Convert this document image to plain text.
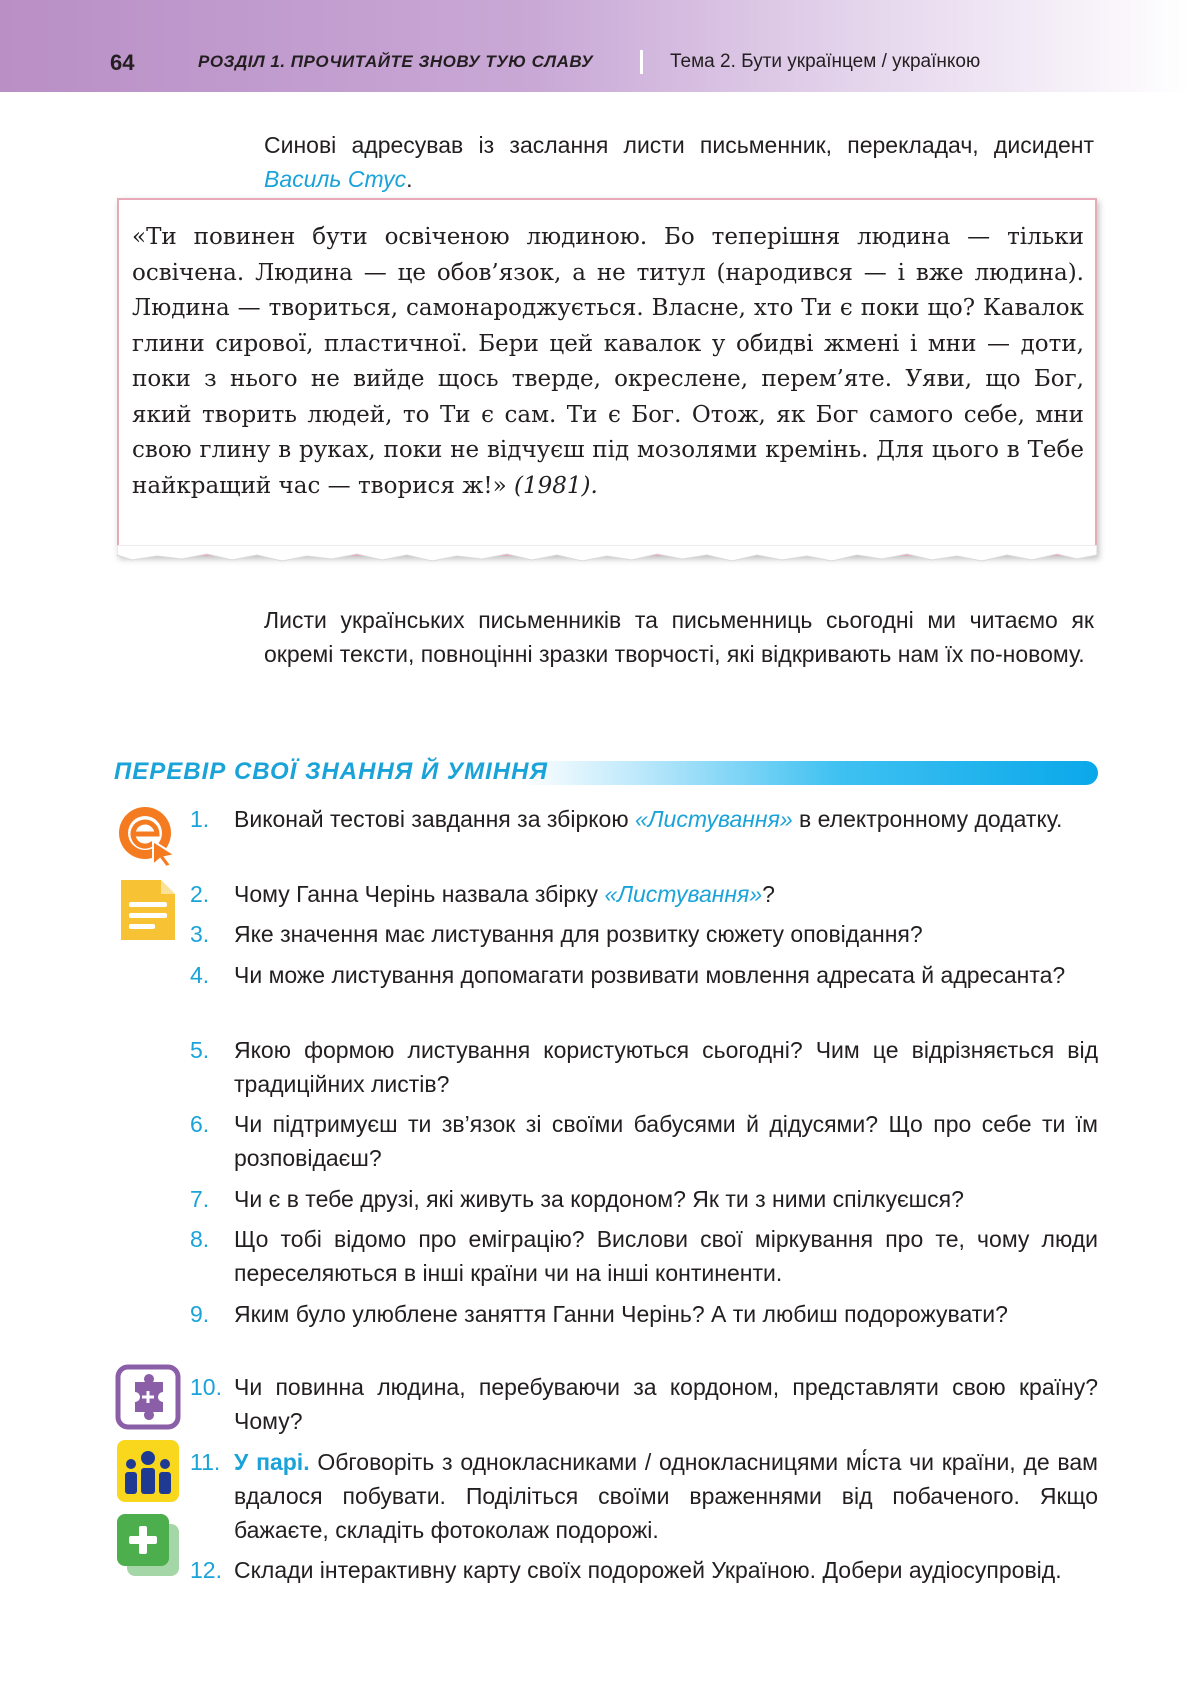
64	РОЗДІЛ 1. ПРОЧИТАЙТЕ ЗНОВУ ТУЮ СЛАВУ	Тема 2. Бути українцем / українкою
Синові адресував із заслання листи письменник, перекладач, дисидент Василь Стус.
«Ти повинен бути освіченою людиною. Бо теперішня людина — тільки освічена. Людина — це обов’язок, а не титул (народився — і вже людина). Людина — твориться, самонароджується. Власне, хто Ти є поки що? Кавалок глини сирової, пластичної. Бери цей кавалок у обидві жмені і мни — доти, поки з нього не вийде щось тверде, окреслене, перем’яте. Уяви, що Бог, який творить людей, то Ти є сам. Ти є Бог. Отож, як Бог самого себе, мни свою глину в руках, поки не відчуєш під мозолями кремінь. Для цього в Тебе найкращий час — творися ж!» (1981).
Листи українських письменників та письменниць сьогодні ми читаємо як окремі тексти, повноцінні зразки творчості, які відкривають нам їх по-новому.
ПЕРЕВІР СВОЇ ЗНАННЯ Й УМІННЯ
1.	Виконай тестові завдання за збіркою «Листування» в електронному додатку.
2.	Чому Ганна Черінь назвала збірку «Листування»?
3.	Яке значення має листування для розвитку сюжету оповідання?
4.	Чи може листування допомагати розвивати мовлення адресата й адресанта?
5.	Якою формою листування користуються сьогодні? Чим це відрізняється від традиційних листів?
6.	Чи підтримуєш ти зв’язок зі своїми бабусями й дідусями? Що про себе ти їм розповідаєш?
7.	Чи є в тебе друзі, які живуть за кордоном? Як ти з ними спілкуєшся?
8.	Що тобі відомо про еміграцію? Вислови свої міркування про те, чому люди переселяються в інші країни чи на інші континенти.
9.	Яким було улюблене заняття Ганни Черінь? А ти любиш подорожувати?
10. Чи повинна людина, перебуваючи за кордоном, представляти свою країну? Чому?
11. У парі. Обговоріть з однокласниками / однокласницями мі́ста чи країни, де вам вдалося побувати. Поділіться своїми враженнями від побаченого. Якщо бажаєте, складіть фотоколаж подорожі.
12. Склади інтерактивну карту своїх подорожей Україною. Добери аудіосупровід.
